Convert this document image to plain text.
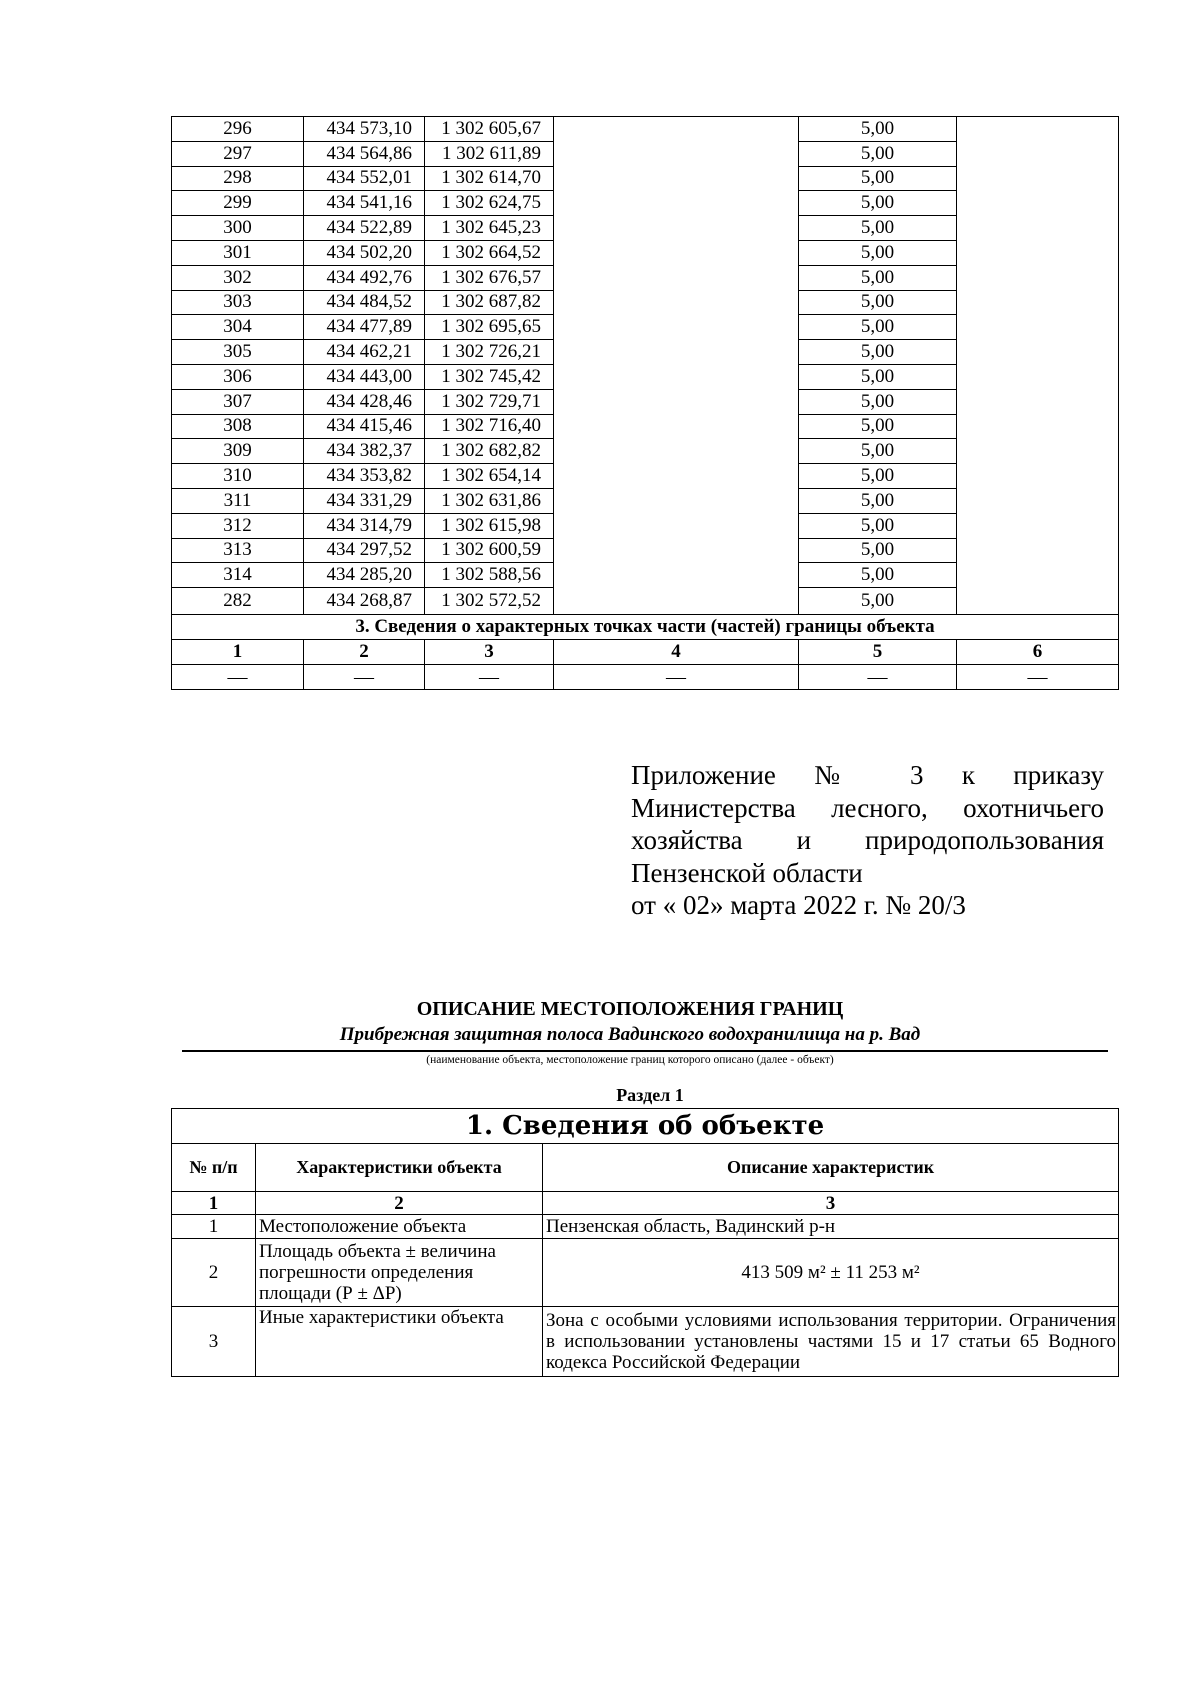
296	434 573,10	1 302 605,67		5,00	
297	434 564,86	1 302 611,89		5,00	
298	434 552,01	1 302 614,70		5,00	
299	434 541,16	1 302 624,75		5,00	
300	434 522,89	1 302 645,23		5,00	
301	434 502,20	1 302 664,52		5,00	
302	434 492,76	1 302 676,57		5,00	
303	434 484,52	1 302 687,82		5,00	
304	434 477,89	1 302 695,65		5,00	
305	434 462,21	1 302 726,21		5,00	
306	434 443,00	1 302 745,42		5,00	
307	434 428,46	1 302 729,71		5,00	
308	434 415,46	1 302 716,40		5,00	
309	434 382,37	1 302 682,82		5,00	
310	434 353,82	1 302 654,14		5,00	
311	434 331,29	1 302 631,86		5,00	
312	434 314,79	1 302 615,98		5,00	
313	434 297,52	1 302 600,59		5,00	
314	434 285,20	1 302 588,56		5,00	
282	434 268,87	1 302 572,52		5,00	
3. Сведения о характерных точках части (частей) границы объекта					
1	2	3	4	5	6
—	—	—	—	—	—
Приложение № 3 к приказу
Министерства лесного, охотничьего
хозяйства и природопользования
Пензенской области
от « 02» марта 2022 г. № 20/3
ОПИСАНИЕ МЕСТОПОЛОЖЕНИЯ ГРАНИЦ
Прибрежная защитная полоса Вадинского водохранилища на р. Вад
(наименование объекта, местоположение границ которого описано (далее - объект)
Раздел 1
1. Сведения об объекте		
№ п/п	Характеристики объекта	Описание характеристик
1	2	3
1	Местоположение объекта	Пензенская область, Вадинский р-н
2	Площадь объекта ± величина погрешности определения площади (Р ± ΔР)	413 509 м² ± 11 253 м²
3	Иные характеристики объекта	Зона с особыми условиями использования территории. Ограничения в использовании установлены частями 15 и 17 статьи 65 Водного кодекса Российской Федерации
